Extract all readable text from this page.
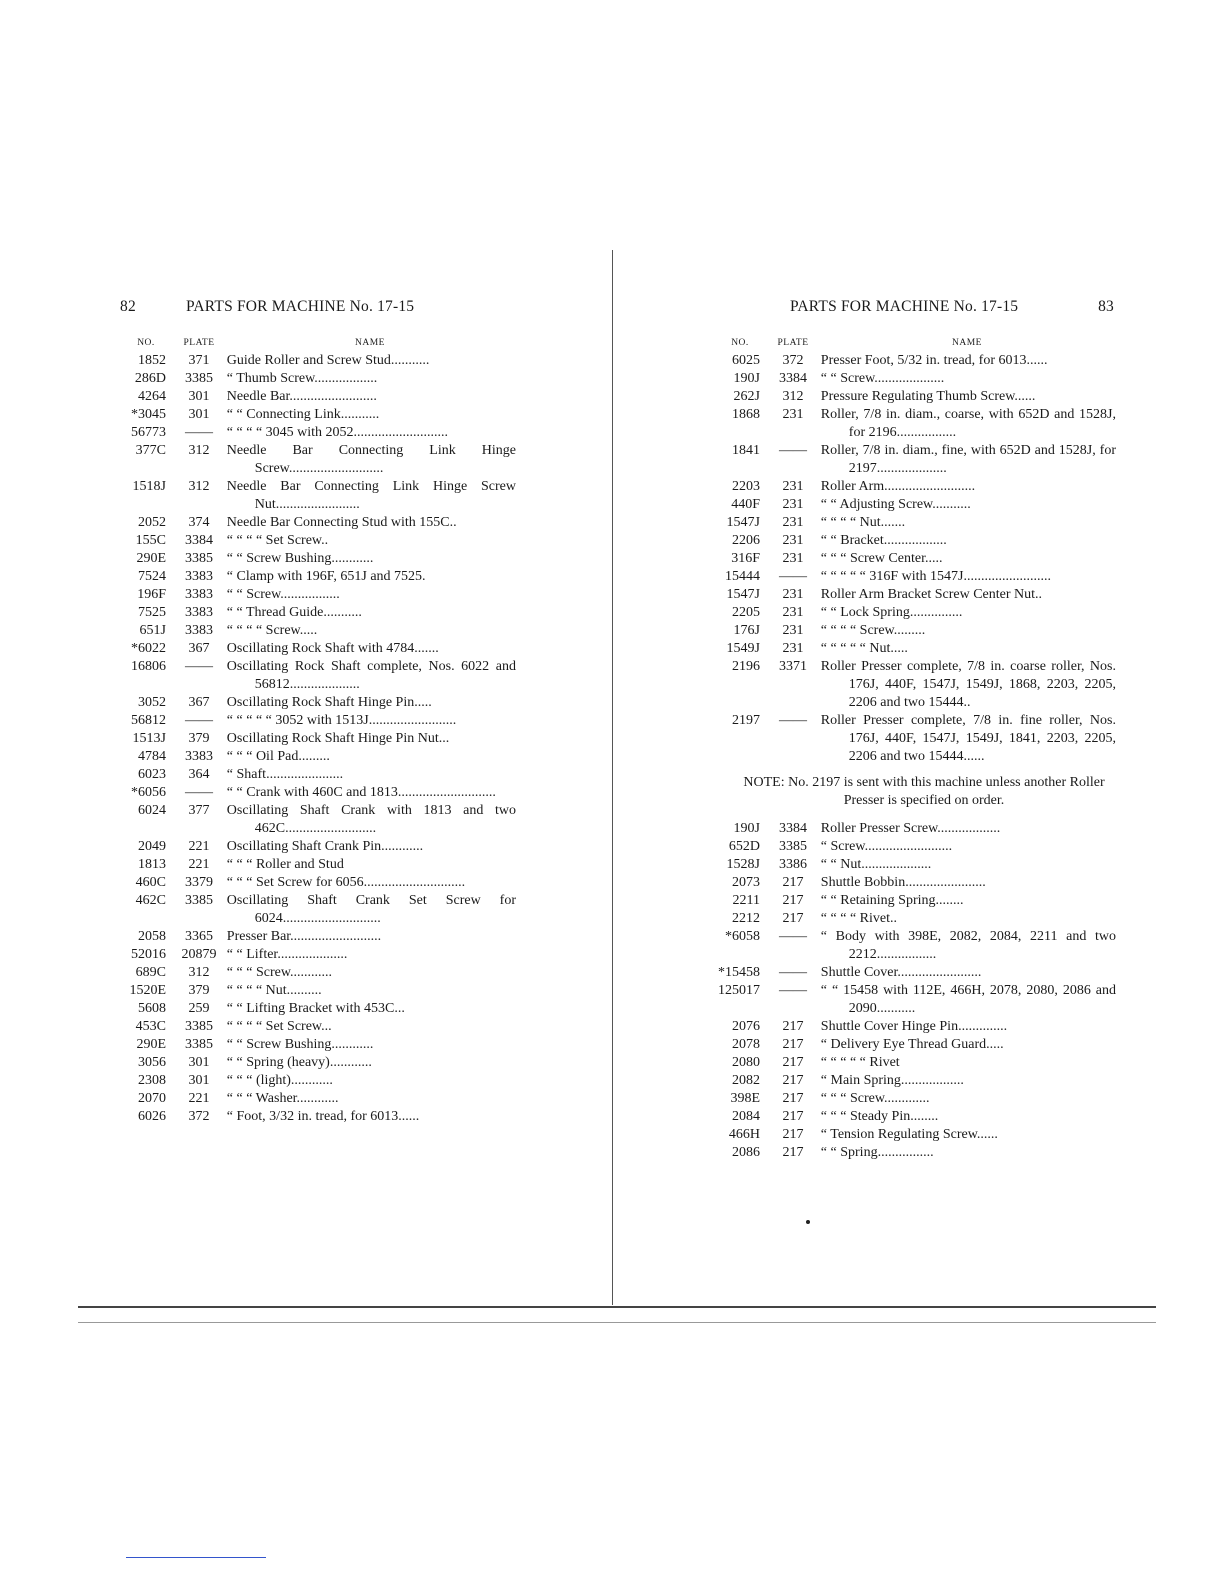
82	PARTS FOR MACHINE No. 17-15
NO.	PLATE	NAME
1852	371	Guide Roller and Screw Stud...........
286D	3385 “ Thumb Screw..................
4264	301	Needle Bar.........................
*3045	301	“ “ Connecting Link...........
56773	—— “ “ “ “ 3045 with 2052...........................
377C	312	Needle Bar Connecting Link Hinge Screw...........................
1518J	312	Needle Bar Connecting Link Hinge Screw Nut........................
2052	374	Needle Bar Connecting Stud with 155C..
155C	3384 “ “ “ “ Set Screw..
290E	3385 “ “ Screw Bushing............
7524	3383 “ Clamp with 196F, 651J and 7525.
196F	3383 “ “ Screw.................
7525	3383 “ “ Thread Guide...........
651J	3383 “ “ “ “ Screw.....
*6022	367	Oscillating Rock Shaft with 4784.......
16806	—— Oscillating Rock Shaft complete, Nos. 6022 and 56812....................
3052	367	Oscillating Rock Shaft Hinge Pin.....
56812	—— “ “ “ “ “ 3052 with 1513J.........................
1513J	379	Oscillating Rock Shaft Hinge Pin Nut...
4784	3383 “ “ “ Oil Pad.........
6023	364	“ Shaft......................
*6056	—— “ “ Crank with 460C and 1813............................
6024	377	Oscillating Shaft Crank with 1813 and two 462C..........................
2049	221	Oscillating Shaft Crank Pin............
1813	221	“ “ “ Roller and Stud
460C	3379 “ “ “ Set Screw for 6056.............................
462C	3385 Oscillating Shaft Crank Set Screw for 6024............................
2058	3365 Presser Bar..........................
52016	20879 “ “ Lifter....................
689C	312	“ “ “ Screw............
1520E	379	“ “ “ “ Nut..........
5608	259	“ “ Lifting Bracket with 453C...
453C	3385 “ “ “ “ Set Screw...
290E	3385 “ “ Screw Bushing............
3056	301	“ “ Spring (heavy)............
2308	301	“ “ “ (light)............
2070	221	“ “ “ Washer............
6026	372	“ Foot, 3/32 in. tread, for 6013......
PARTS FOR MACHINE No. 17-15	83
NO.	PLATE	NAME
6025	372	Presser Foot, 5/32 in. tread, for 6013......
190J	3384 “ “ Screw....................
262J	312	Pressure Regulating Thumb Screw......
1868	231	Roller, 7/8 in. diam., coarse, with 652D and 1528J, for 2196.................
1841	—— Roller, 7/8 in. diam., fine, with 652D and 1528J, for 2197....................
2203	231	Roller Arm..........................
440F	231	“ “ Adjusting Screw...........
1547J	231	“ “ “ “ Nut.......
2206	231	“ “ Bracket..................
316F	231	“ “ “ Screw Center.....
15444	—— “ “ “ “ “ 316F with 1547J.........................
1547J	231	Roller Arm Bracket Screw Center Nut..
2205	231	“ “ Lock Spring...............
176J	231	“ “ “ “ Screw.........
1549J	231	“ “ “ “ “ Nut.....
2196	3371 Roller Presser complete, 7/8 in. coarse roller, Nos. 176J, 440F, 1547J, 1549J, 1868, 2203, 2205, 2206 and two 15444..
2197	—— Roller Presser complete, 7/8 in. fine roller, Nos. 176J, 440F, 1547J, 1549J, 1841, 2203, 2205, 2206 and two 15444......
NOTE: No. 2197 is sent with this machine unless another Roller Presser is specified on order.
190J	3384 Roller Presser Screw..................
652D	3385 “ Screw.........................
1528J	3386 “ “ Nut....................
2073	217	Shuttle Bobbin.......................
2211	217	“ “ Retaining Spring........
2212	217	“ “ “ “ Rivet..
*6058	—— “ Body with 398E, 2082, 2084, 2211 and two 2212.................
*15458	—— Shuttle Cover........................
125017	—— “ “ 15458 with 112E, 466H, 2078, 2080, 2086 and 2090...........
2076	217	Shuttle Cover Hinge Pin..............
2078	217	“ Delivery Eye Thread Guard.....
2080	217	“ “ “ “ “ Rivet
2082	217	“ Main Spring..................
398E	217	“ “ “ Screw.............
2084	217	“ “ “ Steady Pin........
466H	217	“ Tension Regulating Screw......
2086	217	“ “ Spring................
